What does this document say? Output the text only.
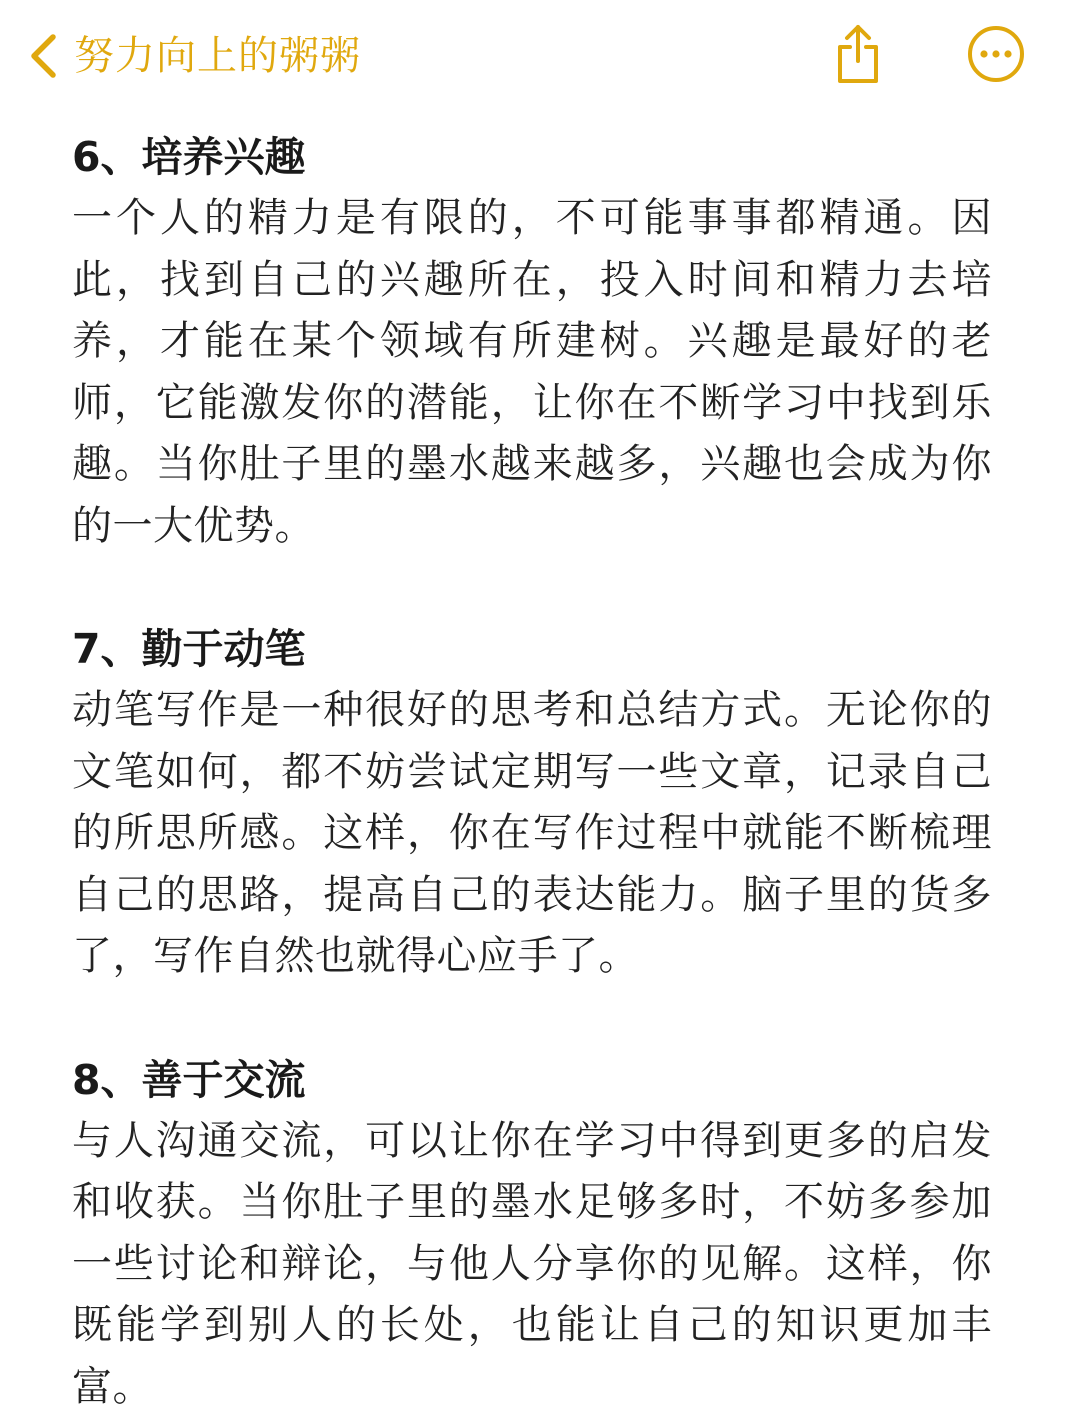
努力向上的粥粥

6、培养兴趣

一个人的精力是有限的，不可能事事都精通。因此，找到自己的兴趣所在，投入时间和精力去培养，才能在某个领域有所建树。兴趣是最好的老师，它能激发你的潜能，让你在不断学习中找到乐趣。当你肚子里的墨水越来越多，兴趣也会成为你的一大优势。

7、勤于动笔

动笔写作是一种很好的思考和总结方式。无论你的文笔如何，都不妨尝试定期写一些文章，记录自己的所思所感。这样，你在写作过程中就能不断梳理自己的思路，提高自己的表达能力。脑子里的货多了，写作自然也就得心应手了。

8、善于交流

与人沟通交流，可以让你在学习中得到更多的启发和收获。当你肚子里的墨水足够多时，不妨多参加一些讨论和辩论，与他人分享你的见解。这样，你既能学到别人的长处，也能让自己的知识更加丰富。
